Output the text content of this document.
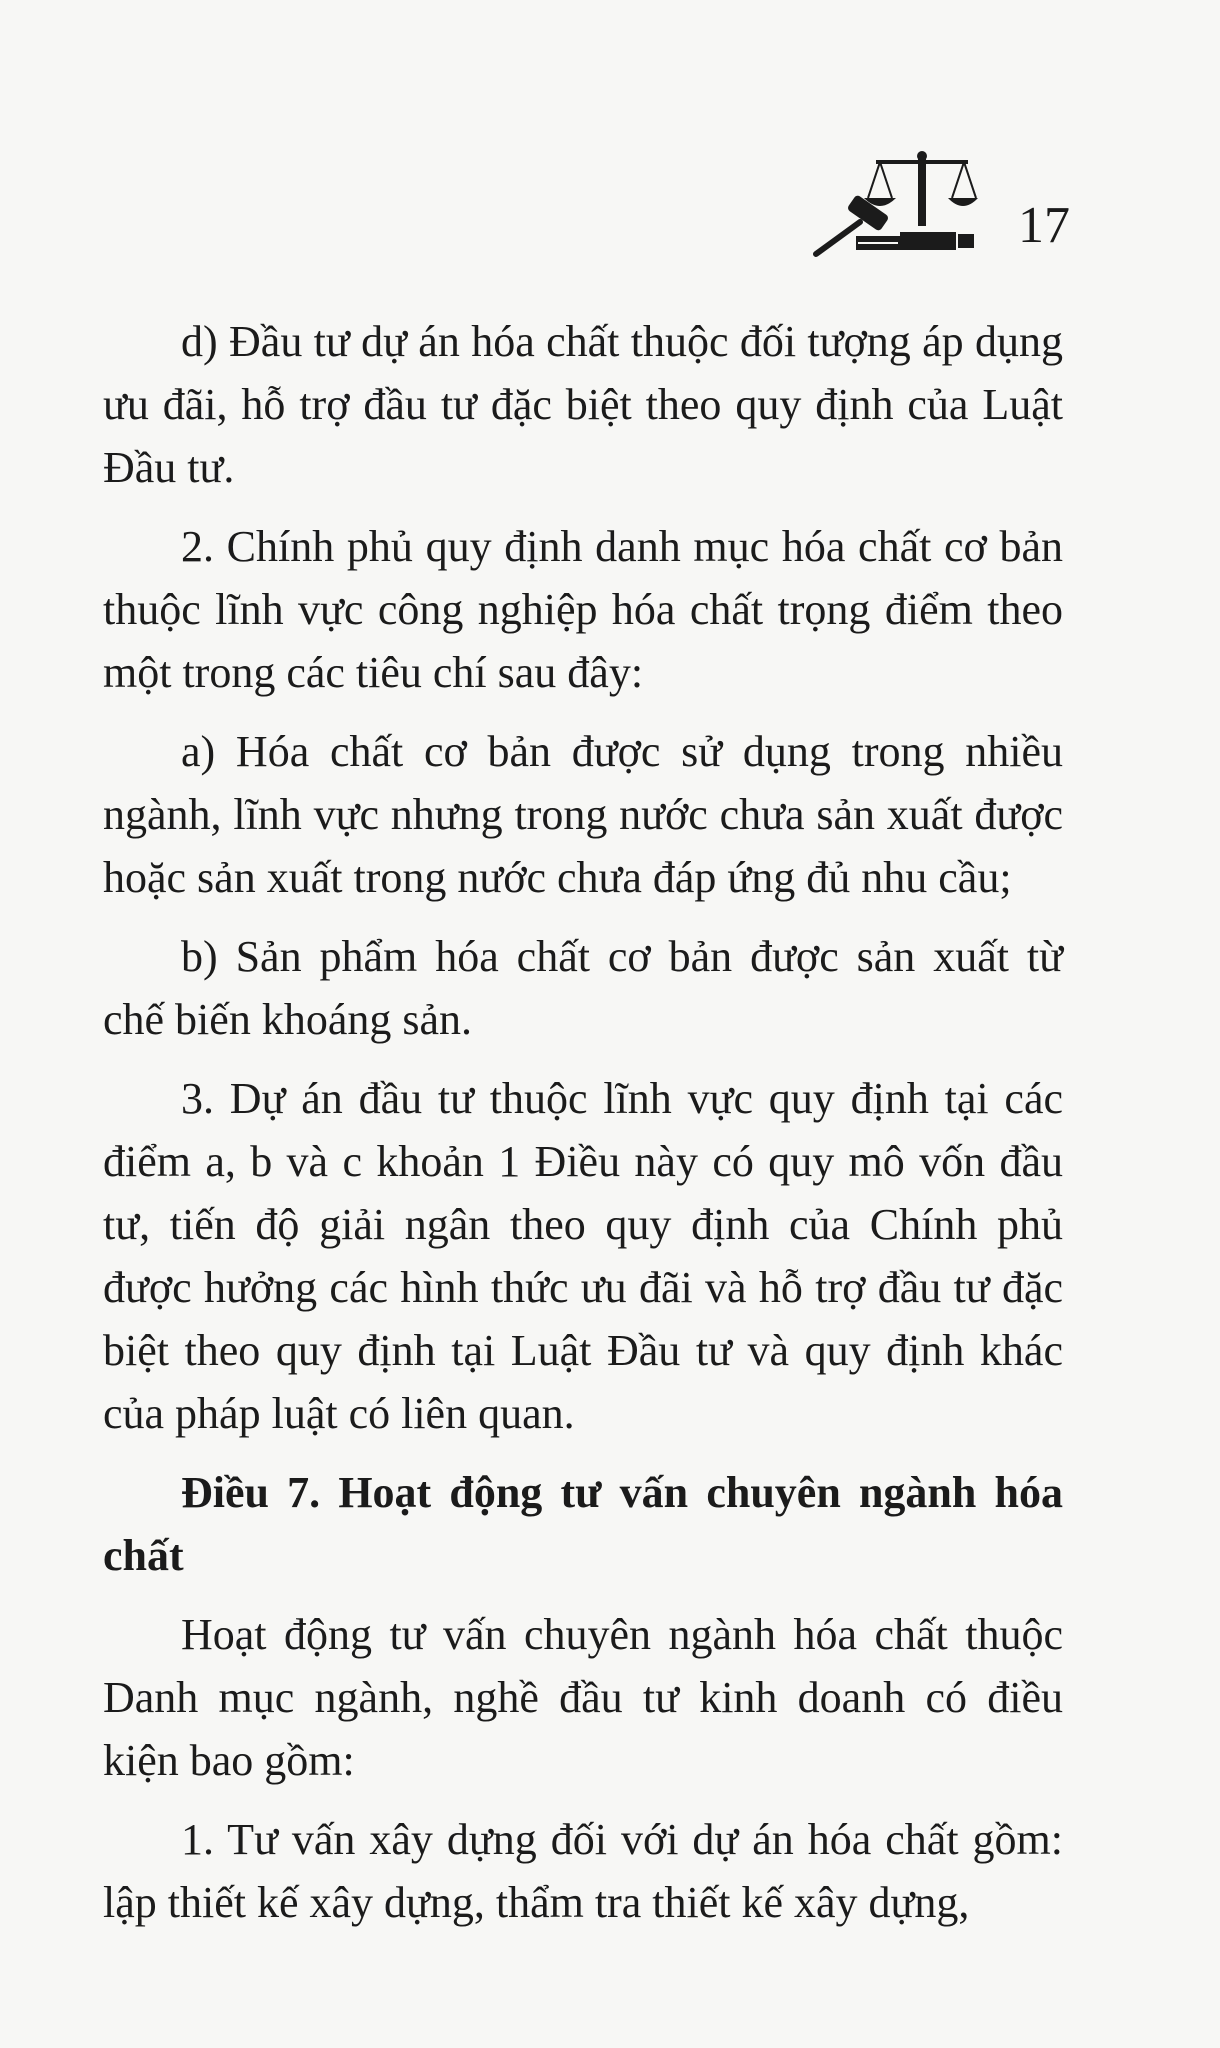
17

d) Đầu tư dự án hóa chất thuộc đối tượng áp dụng ưu đãi, hỗ trợ đầu tư đặc biệt theo quy định của Luật Đầu tư.

2. Chính phủ quy định danh mục hóa chất cơ bản thuộc lĩnh vực công nghiệp hóa chất trọng điểm theo một trong các tiêu chí sau đây:

a) Hóa chất cơ bản được sử dụng trong nhiều ngành, lĩnh vực nhưng trong nước chưa sản xuất được hoặc sản xuất trong nước chưa đáp ứng đủ nhu cầu;

b) Sản phẩm hóa chất cơ bản được sản xuất từ chế biến khoáng sản.

3. Dự án đầu tư thuộc lĩnh vực quy định tại các điểm a, b và c khoản 1 Điều này có quy mô vốn đầu tư, tiến độ giải ngân theo quy định của Chính phủ được hưởng các hình thức ưu đãi và hỗ trợ đầu tư đặc biệt theo quy định tại Luật Đầu tư và quy định khác của pháp luật có liên quan.

Điều 7. Hoạt động tư vấn chuyên ngành hóa chất

Hoạt động tư vấn chuyên ngành hóa chất thuộc Danh mục ngành, nghề đầu tư kinh doanh có điều kiện bao gồm:

1. Tư vấn xây dựng đối với dự án hóa chất gồm: lập thiết kế xây dựng, thẩm tra thiết kế xây dựng,
